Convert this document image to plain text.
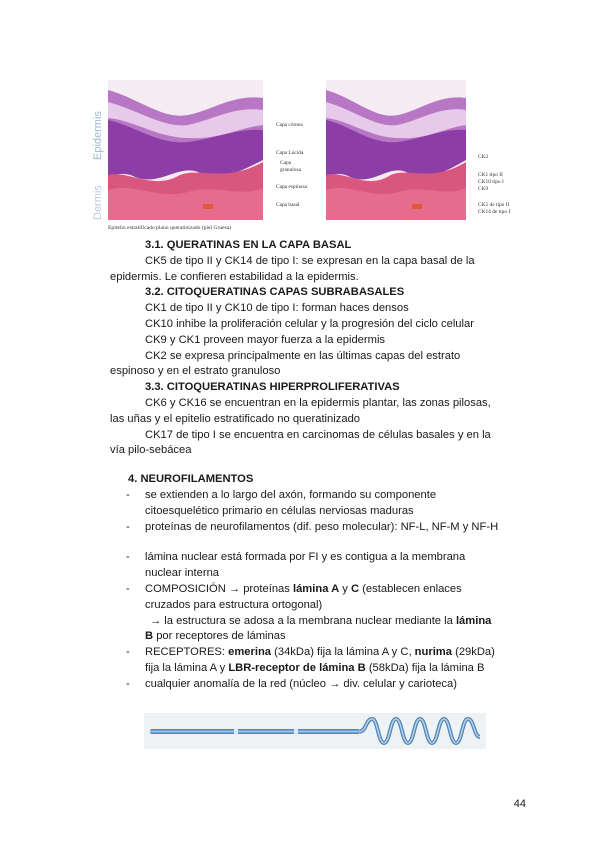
Epidermis
Dermis
Capa córnea
Capa Lúcida
Capa
granulosa
Capa espinosa
Capa basal
CK2
CK1 tipo II
CK10 tipo I
CK9
CK5 de tipo II
CK14 de tipo I
Epitelio estratificado plano queratinizado (piel Gruesa)
3.1. QUERATINAS EN LA CAPA BASAL
CK5 de tipo II y CK14 de tipo I: se expresan en la capa basal de la
epidermis. Le confieren estabilidad a la epidermis.
3.2. CITOQUERATINAS CAPAS SUBRABASALES
CK1 de tipo II y CK10 de tipo I: forman haces densos
CK10 inhibe la proliferación celular y la progresión del ciclo celular
CK9 y CK1 proveen mayor fuerza a la epidermis
CK2 se expresa principalmente en las últimas capas del estrato
espinoso y en el estrato granuloso
3.3. CITOQUERATINAS HIPERPROLIFERATIVAS
CK6 y CK16 se encuentran en la epidermis plantar, las zonas pilosas,
las uñas y el epitelio estratificado no queratinizado
CK17 de tipo I se encuentra en carcinomas de células basales y en la
vía pilo-sebácea
4. NEUROFILAMENTOS
- se extienden a lo largo del axón, formando su componente
citoesquelético primario en células nerviosas maduras
- proteínas de neurofilamentos (dif. peso molecular): NF-L, NF-M y NF-H
- lámina nuclear está formada por FI y es contigua a la membrana
nuclear interna
- COMPOSICIÓN → proteínas lámina A y C (establecen enlaces
cruzados para estructura ortogonal)
→ la estructura se adosa a la membrana nuclear mediante la lámina
B por receptores de láminas
- RECEPTORES: emerina (34kDa) fija la lámina A y C, nurima (29kDa)
fija la lámina A y LBR-receptor de lámina B (58kDa) fija la lámina B
- cualquier anomalía de la red (núcleo → div. celular y carioteca)
44
